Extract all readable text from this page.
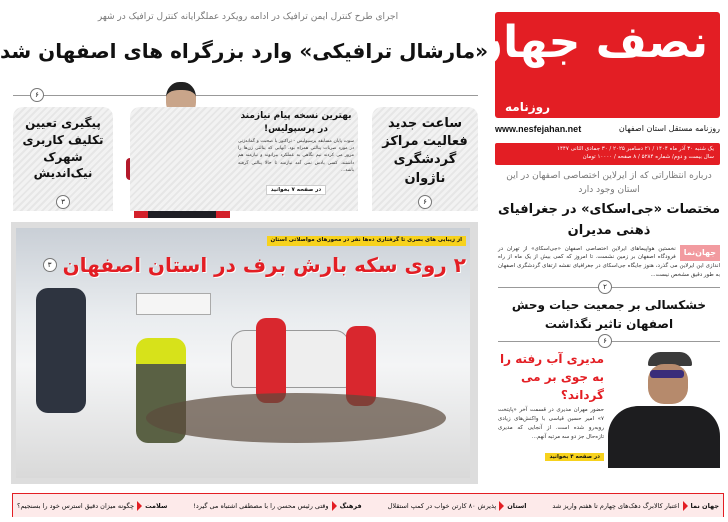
نصف جهان
روزنامه
روزنامه مستقل استان اصفهان
www.nesfejahan.net
یک شنبه ۳۰ آذر ماه ۱۴۰۴ / ۲۱ دسامبر ۲۰۲۵ / ۳۰ جمادی الثانی ۱۴۴۷
سال بیست و دوم/ شماره ۵۲۸۴ / ۸ صفحه / ۱۰۰۰۰ تومان
اجرای طرح کنترل ایمن ترافیک در ادامه رویکرد عملگرایانه کنترل ترافیک در شهر
«مارشال ترافیکی» وارد بزرگراه های اصفهان شد
۶
ساعت جدید فعالیت مراکز گردشگری ناژوان
۶
بهترین نسخه پیام نیازمند در پرسپولیس!
سوت پایان مسابقه پرسپولیس - تراکتور با صحبت و گمانه‌زنی در مورد ضربات پنالتی همراه بود. آنهایی که پنالتی زن‌ها را مرور می کردند نیم نگاهی به عملکرد بیرانوند و نیازمند هم داشتند. کسی یادش نمی آمد نیازمند تا حالا پنالتی گرفته باشد...
در صفحه ۷ بخوانید
پیگیری تعیین تکلیف کاربری شهرک نیک‌اندیش
۳
از زیبایی های بصری تا گرفتاری ده‌ها نفر در محورهای مواصلاتی استان
۲ روی سکه بارش برف در استان اصفهان
۳
درباره انتظاراتی که از ایرلاین اختصاصی اصفهان در این استان وجود دارد
مختصات «جی‌اسکای» در جغرافیای ذهنی مدیران
جهان‌نما
نخستین هواپیماهای ایرلاین اختصاصی اصفهان «جی‌اسکای» از تهران در فرودگاه اصفهان بر زمین نشست. تا امروز که کمی بیش از یک ماه از راه اندازی این ایرلاین می گذرد، هنوز جایگاه جی‌اسکای در جغرافیای نقشه ارتقای گردشگری اصفهان به طور دقیق مشخص نیست...
۲
خشکسالی بر جمعیت حیات وحش اصفهان تاثیر نگذاشت
۶
مدیری آب رفته را به جوی بر می گرداند؟
حضور مهران مدیری در قسمت آخر «پایتخت ۷» امیر حسین قیاسی با واکنش‌های زیادی روبه‌رو شده است. از آنجایی که مدیری تازه‌حال جز دو سه مرتبه آنهم...
در صفحه ۴ بخوانید
جهان نما
اعتبار کالابرگ دهک‌های چهارم تا هفتم واریز شد
استان
پذیرش ۸۰ کارتن خواب در کمپ استقلال
فرهنگ
وقتی رئیس محسن را با مصطفی اشتباه می گیرد!
سلامت
چگونه میزان دقیق استرس خود را بسنجیم؟
